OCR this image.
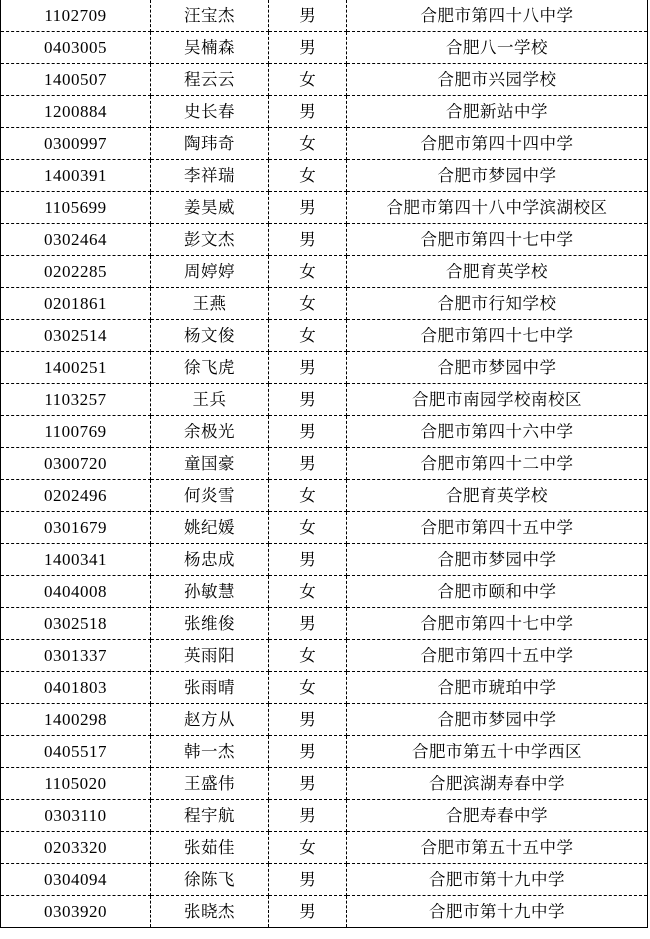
1102709	汪宝杰	男	合肥市第四十八中学
0403005	吴楠森	男	合肥八一学校
1400507	程云云	女	合肥市兴园学校
1200884	史长春	男	合肥新站中学
0300997	陶玮奇	女	合肥市第四十四中学
1400391	李祥瑞	女	合肥市梦园中学
1105699	姜昊威	男	合肥市第四十八中学滨湖校区
0302464	彭文杰	男	合肥市第四十七中学
0202285	周婷婷	女	合肥育英学校
0201861	王燕	女	合肥市行知学校
0302514	杨文俊	女	合肥市第四十七中学
1400251	徐飞虎	男	合肥市梦园中学
1103257	王兵	男	合肥市南园学校南校区
1100769	余极光	男	合肥市第四十六中学
0300720	童国豪	男	合肥市第四十二中学
0202496	何炎雪	女	合肥育英学校
0301679	姚纪媛	女	合肥市第四十五中学
1400341	杨忠成	男	合肥市梦园中学
0404008	孙敏慧	女	合肥市颐和中学
0302518	张维俊	男	合肥市第四十七中学
0301337	英雨阳	女	合肥市第四十五中学
0401803	张雨晴	女	合肥市琥珀中学
1400298	赵方从	男	合肥市梦园中学
0405517	韩一杰	男	合肥市第五十中学西区
1105020	王盛伟	男	合肥滨湖寿春中学
0303110	程宇航	男	合肥寿春中学
0203320	张茹佳	女	合肥市第五十五中学
0304094	徐陈飞	男	合肥市第十九中学
0303920	张晓杰	男	合肥市第十九中学
